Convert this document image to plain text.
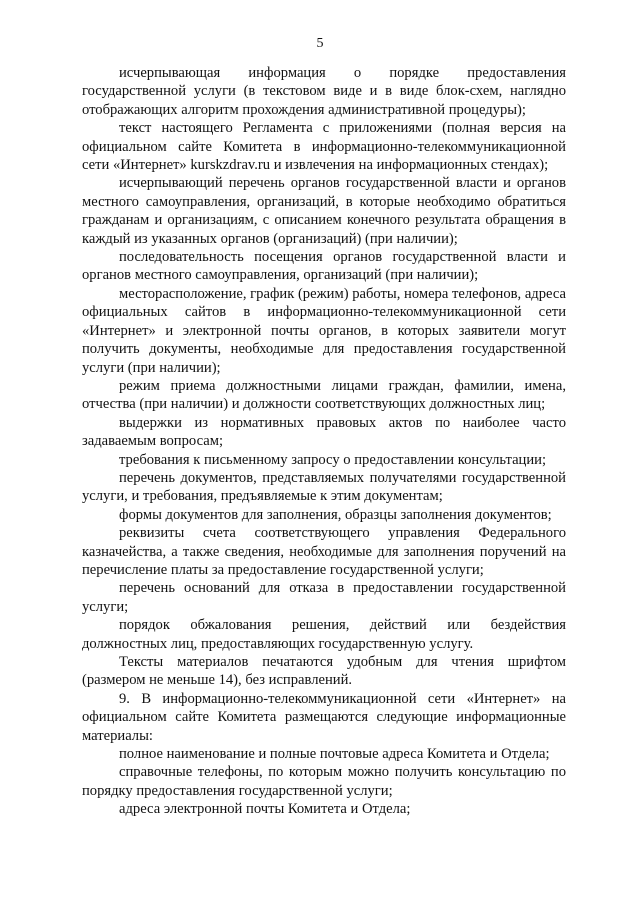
5

исчерпывающая информация о порядке предоставления государственной услуги (в текстовом виде и в виде блок-схем, наглядно отображающих алгоритм прохождения административной процедуры);

текст настоящего Регламента с приложениями (полная версия на официальном сайте Комитета в информационно-телекоммуникационной сети «Интернет» kurskzdrav.ru и извлечения на информационных стендах);

исчерпывающий перечень органов государственной власти и органов местного самоуправления, организаций, в которые необходимо обратиться гражданам и организациям, с описанием конечного результата обращения в каждый из указанных органов (организаций) (при наличии);

последовательность посещения органов государственной власти и органов местного самоуправления, организаций (при наличии);

месторасположение, график (режим) работы, номера телефонов, адреса официальных сайтов в информационно-телекоммуникационной сети «Интернет» и электронной почты органов, в которых заявители могут получить документы, необходимые для предоставления государственной услуги (при наличии);

режим приема должностными лицами граждан, фамилии, имена, отчества (при наличии) и должности соответствующих должностных лиц;

выдержки из нормативных правовых актов по наиболее часто задаваемым вопросам;

требования к письменному запросу о предоставлении консультации;

перечень документов, представляемых получателями государственной услуги, и требования, предъявляемые к этим документам;

формы документов для заполнения, образцы заполнения документов;

реквизиты счета соответствующего управления Федерального казначейства, а также сведения, необходимые для заполнения поручений на перечисление платы за предоставление государственной услуги;

перечень оснований для отказа в предоставлении государственной услуги;

порядок обжалования решения, действий или бездействия должностных лиц, предоставляющих государственную услугу.

Тексты материалов печатаются удобным для чтения шрифтом (размером не меньше 14), без исправлений.

9. В информационно-телекоммуникационной сети «Интернет» на официальном сайте Комитета размещаются следующие информационные материалы:

полное наименование и полные почтовые адреса Комитета и Отдела;

справочные телефоны, по которым можно получить консультацию по порядку предоставления государственной услуги;

адреса электронной почты Комитета и Отдела;
